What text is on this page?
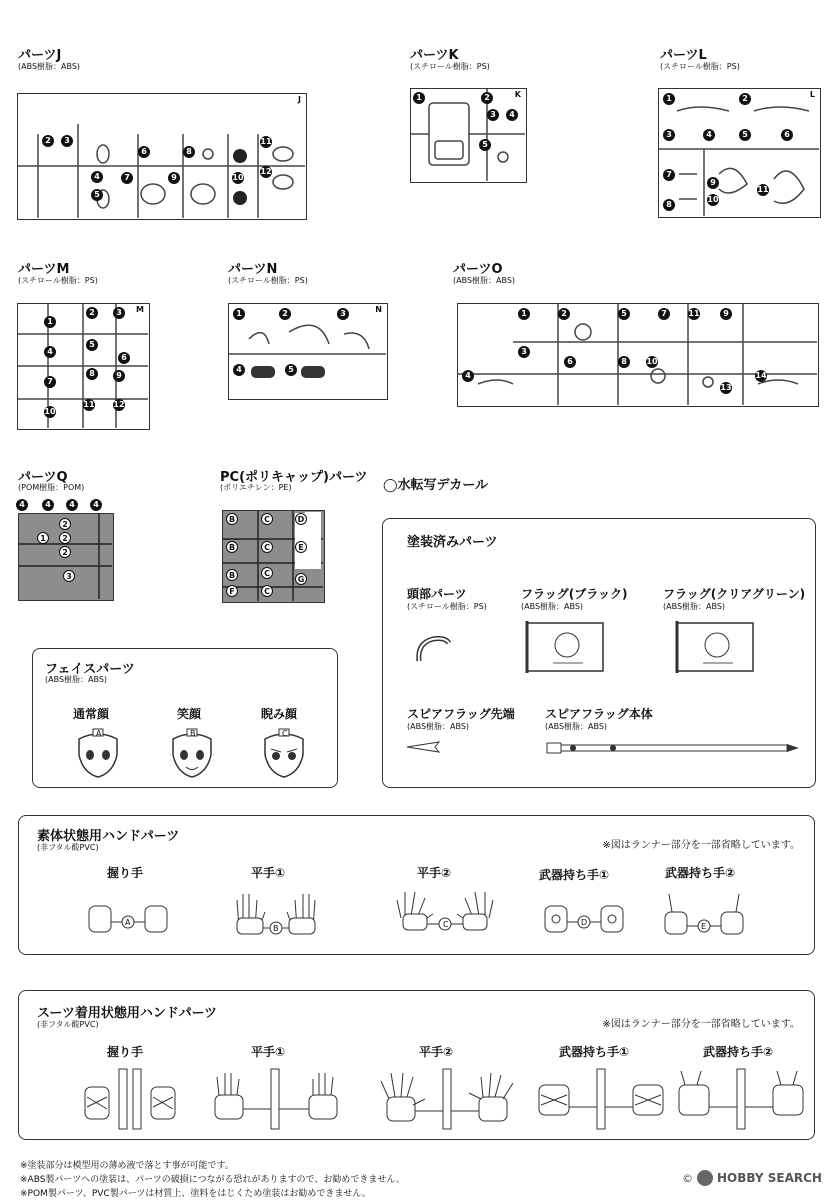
パーツJ
(ABS樹脂：ABS)
J
2	3
4
5
6
7
8
9	10
11
12
パーツK
(スチロール樹脂：PS)
K
1	2
3	4
5
パーツL
(スチロール樹脂：PS)
L
1	2
3	4	5	6
7
8
9
10
11
パーツM
(スチロール樹脂：PS)
M
1
2	3
4
5
6
7
8	9
10
11 12
パーツN
(スチロール樹脂：PS)
N
1	2	3
4	5
パーツO
(ABS樹脂：ABS)
1	2
3
4
5
6
7
8
9
10
11
13
14
パーツQ
(POM樹脂：POM)
4	4	4	4
2
1	2
2
3
PC(ポリキャップ)パーツ
(ポリエチレン：PE)
B	C	D
B	C	E
B	C
F	C
G
◯水転写デカール
塗装済みパーツ
頭部パーツ
(スチロール樹脂：PS)
フラッグ(ブラック)
(ABS樹脂：ABS)
フラッグ(クリアグリーン)
(ABS樹脂：ABS)
スピアフラッグ先端
(ABS樹脂：ABS)
スピアフラッグ本体
(ABS樹脂：ABS)
フェイスパーツ
(ABS樹脂：ABS)
通常顔	笑顔	睨み顔
A	B	C
素体状態用ハンドパーツ
(非フタル酸PVC)	※図はランナー部分を一部省略しています。
握り手	平手①	平手②	武器持ち手①	武器持ち手②
A
B	C	D	E
スーツ着用状態用ハンドパーツ
(非フタル酸PVC)	※図はランナー部分を一部省略しています。
握り手	平手①	平手②	武器持ち手①	武器持ち手②
※塗装部分は模型用の薄め液で落とす事が可能です。
※ABS製パーツへの塗装は、パーツの破損につながる恐れがありますので、お勧めできません。
※POM製パーツ、PVC製パーツは材質上、塗料をはじくため塗装はお勧めできません。
© HOBBY SEARCH
